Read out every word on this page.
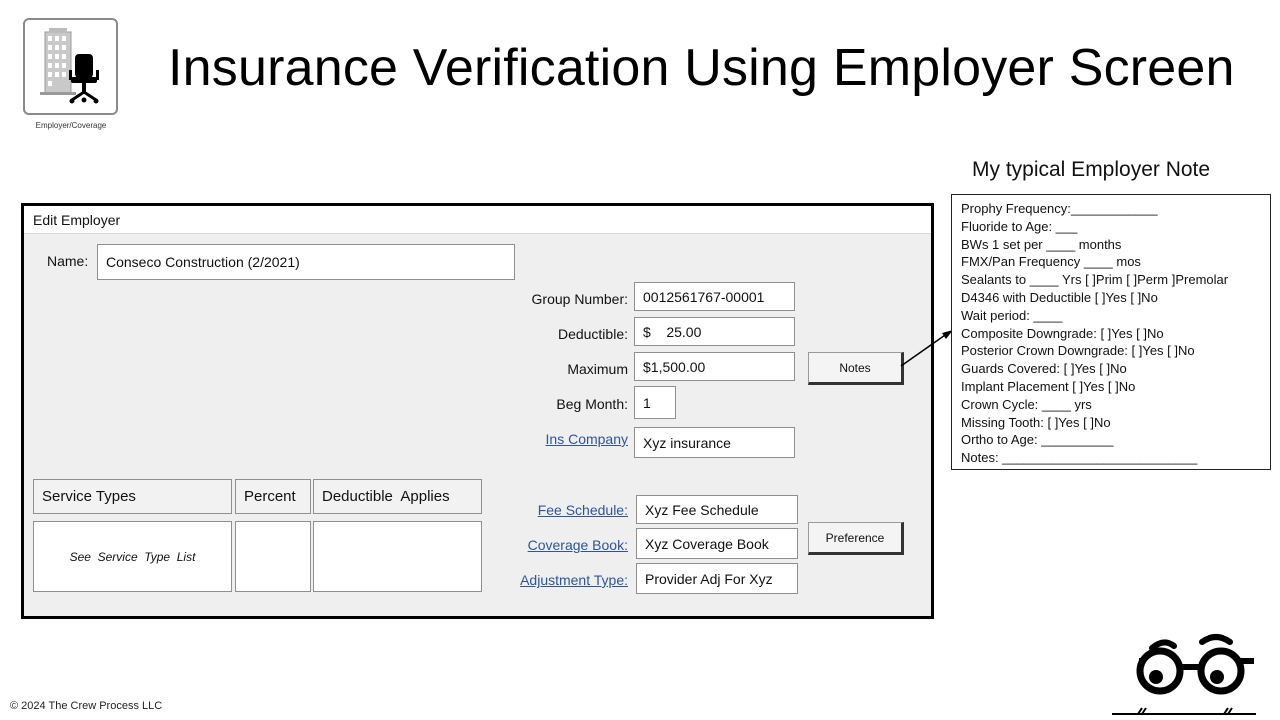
Employer/Coverage
Insurance Verification Using Employer Screen
Edit Employer
Name:	Conseco Construction (2/2021)
Group Number:	0012561767-00001
Deductible:	$    25.00
Maximum	$1,500.00
Beg Month:	1
Ins Company	Xyz insurance
Fee Schedule:	Xyz Fee Schedule
Coverage Book:	Xyz Coverage Book
Adjustment Type:	Provider Adj For Xyz
Notes
Preference
Service Types	Percent	Deductible  Applies
See  Service  Type  List
My typical Employer Note
Prophy Frequency:____________
Fluoride to Age: ___
BWs 1 set per ____ months
FMX/Pan Frequency ____ mos
Sealants to ____ Yrs [ ]Prim [ ]Perm ]Premolar
D4346 with Deductible [ ]Yes [ ]No
Wait period: ____
Composite Downgrade: [ ]Yes [ ]No
Posterior Crown Downgrade: [ ]Yes [ ]No
Guards Covered: [ ]Yes [ ]No
Implant Placement [ ]Yes [ ]No
Crown Cycle: ____ yrs
Missing Tooth: [ ]Yes [ ]No
Ortho to Age: __________
Notes: ___________________________
© 2024 The Crew Process LLC
